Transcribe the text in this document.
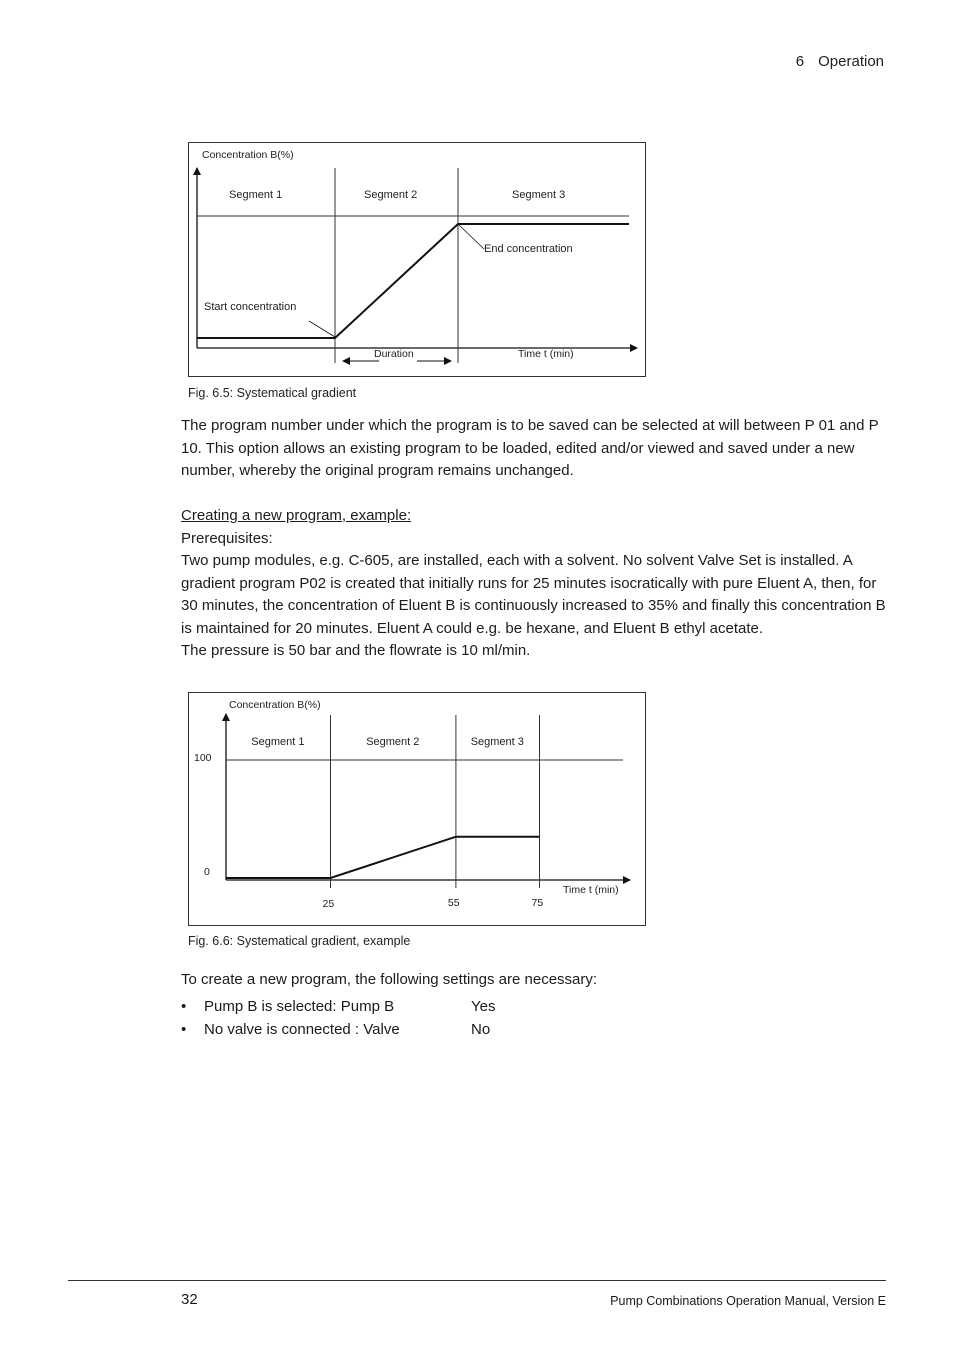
6 Operation
Concentration B(%)
Segment 1	Segment 2	Segment 3
End concentration
Start concentration
Duration	Time t (min)
Fig. 6.5: Systematical gradient

The program number under which the program is to be saved can be selected at will between P 01 and P 10. This option allows an existing program to be loaded, edited and/or viewed and saved under a new number, whereby the original program remains unchanged.

Creating a new program, example:

Prerequisites:

Two pump modules, e.g. C-605, are installed, each with a solvent. No solvent Valve Set is installed. A gradient program P02 is created that initially runs for 25 minutes isocratically with pure Eluent A, then, for 30 minutes, the concentration of Eluent B is continuously increased to 35% and finally this concentration B is maintained for 20 minutes. Eluent A could e.g. be hexane, and Eluent B ethyl acetate.

The pressure is 50 bar and the flowrate is 10 ml/min.

25	55	75
Segment 1	Segment 2	Segment 3
Concentration B(%)
Time t (min)
100
0
Fig. 6.6: Systematical gradient, example

To create a new program, the following settings are necessary:

•	Pump B is selected: Pump B	Yes
•	No valve is connected : Valve	No
32	Pump Combinations Operation Manual, Version E
